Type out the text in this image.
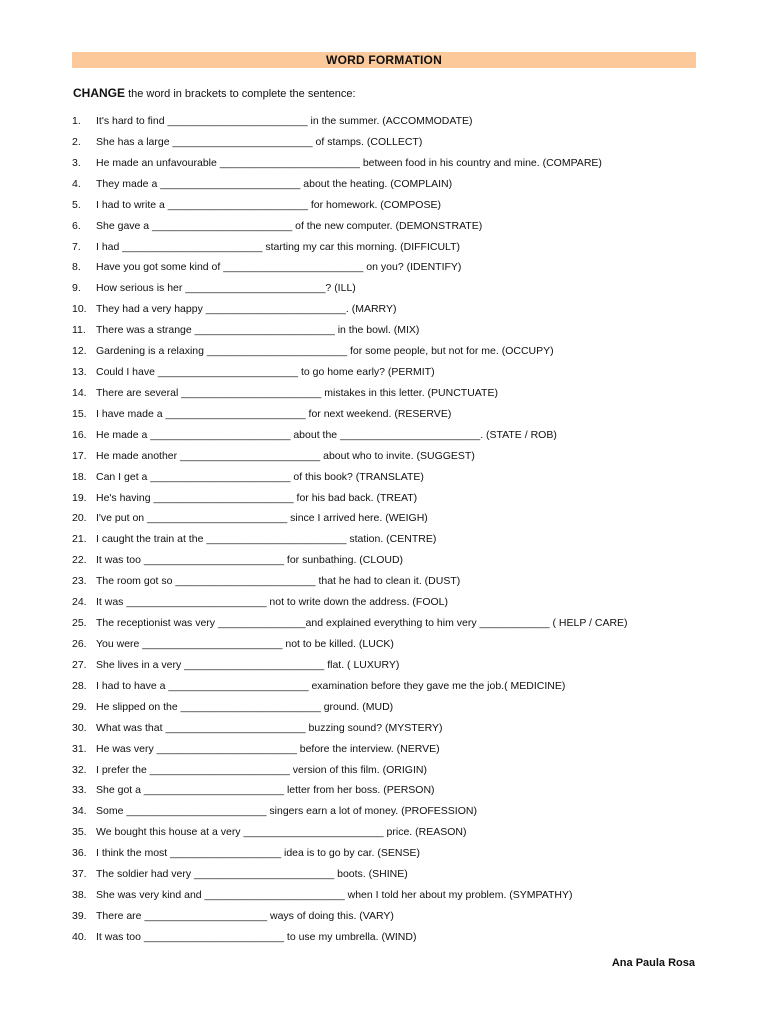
WORD FORMATION
CHANGE the word in brackets to complete the sentence:
1.	It's hard to find ________________________ in the summer. (ACCOMMODATE)
2.	She has a large ________________________ of stamps. (COLLECT)
3.	He made an unfavourable ________________________ between food in his country and mine. (COMPARE)
4.	They made a ________________________ about the heating. (COMPLAIN)
5.	I had to write a ________________________ for homework. (COMPOSE)
6.	She gave a ________________________ of the new computer. (DEMONSTRATE)
7.	I had ________________________ starting my car this morning. (DIFFICULT)
8.	Have you got some kind of ________________________ on you? (IDENTIFY)
9.	How serious is her ________________________? (ILL)
10. They had a very happy ________________________. (MARRY)
11. There was a strange ________________________ in the bowl. (MIX)
12. Gardening is a relaxing ________________________ for some people, but not for me. (OCCUPY)
13. Could I have ________________________ to go home early? (PERMIT)
14. There are several ________________________ mistakes in this letter. (PUNCTUATE)
15. I have made a ________________________ for next weekend. (RESERVE)
16. He made a ________________________ about the ________________________. (STATE / ROB)
17. He made another ________________________ about who to invite. (SUGGEST)
18. Can I get a ________________________ of this book? (TRANSLATE)
19. He's having ________________________ for his bad back. (TREAT)
20. I've put on ________________________ since I arrived here. (WEIGH)
21. I caught the train at the ________________________ station. (CENTRE)
22. It was too ________________________ for sunbathing. (CLOUD)
23. The room got so ________________________ that he had to clean it. (DUST)
24. It was ________________________ not to write down the address. (FOOL)
25. The receptionist was very _______________and explained everything to him very ____________ ( HELP / CARE)
26. You were ________________________ not to be killed. (LUCK)
27. She lives in a very ________________________ flat. ( LUXURY)
28. I had to have a ________________________ examination before they gave me the job.( MEDICINE)
29. He slipped on the ________________________ ground. (MUD)
30. What was that ________________________ buzzing sound? (MYSTERY)
31. He was very ________________________ before the interview. (NERVE)
32. I prefer the ________________________ version of this film. (ORIGIN)
33. She got a ________________________ letter from her boss. (PERSON)
34. Some ________________________ singers earn a lot of money. (PROFESSION)
35. We bought this house at a very ________________________ price. (REASON)
36. I think the most ___________________ idea is to go by car. (SENSE)
37. The soldier had very ________________________ boots. (SHINE)
38. She was very kind and ________________________ when I told her about my problem. (SYMPATHY)
39. There are _____________________ ways of doing this. (VARY)
40. It was too ________________________ to use my umbrella. (WIND)
Ana Paula Rosa
